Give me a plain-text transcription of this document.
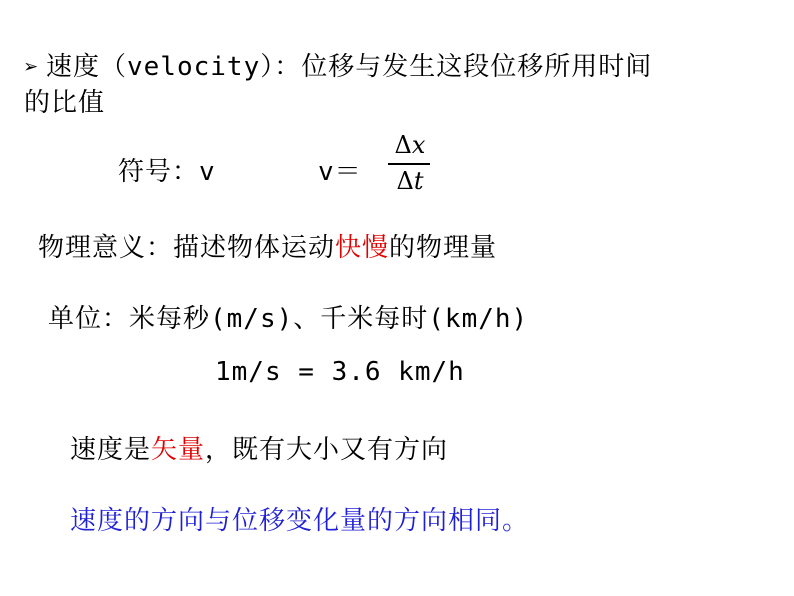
➢ 速度（velocity）：位移与发生这段位移所用时间
的比值
符号：v	v＝
Δx
Δt
物理意义：描述物体运动快慢的物理量
单位：米每秒(m/s)、千米每时(km/h)
1m/s = 3.6 km/h
速度是矢量，既有大小又有方向
速度的方向与位移变化量的方向相同。
